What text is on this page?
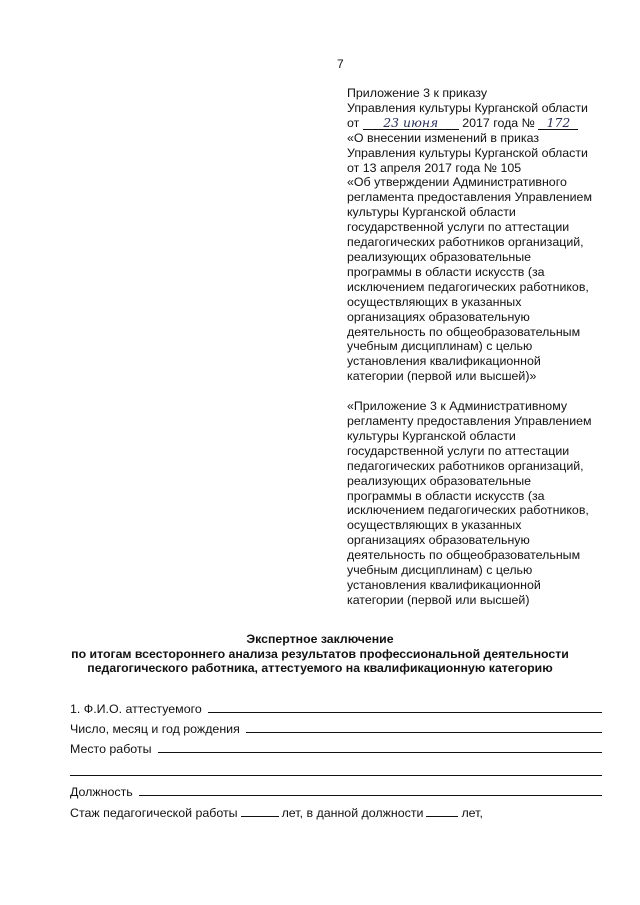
7
Приложение 3 к приказу
Управления культуры Курганской области
от 23 июня 2017 года № 172
«О внесении изменений в приказ
Управления культуры Курганской области
от 13 апреля 2017 года № 105
«Об утверждении Административного
регламента предоставления Управлением
культуры Курганской области
государственной услуги по аттестации
педагогических работников организаций,
реализующих образовательные
программы в области искусств (за
исключением педагогических работников,
осуществляющих в указанных
организациях образовательную
деятельность по общеобразовательным
учебным дисциплинам) с целью
установления квалификационной
категории (первой или высшей)»
«Приложение 3 к Административному
регламенту предоставления Управлением
культуры Курганской области
государственной услуги по аттестации
педагогических работников организаций,
реализующих образовательные
программы в области искусств (за
исключением педагогических работников,
осуществляющих в указанных
организациях образовательную
деятельность по общеобразовательным
учебным дисциплинам) с целью
установления квалификационной
категории (первой или высшей)
Экспертное заключение
по итогам всестороннего анализа результатов профессиональной деятельности
педагогического работника, аттестуемого на квалификационную категорию
1. Ф.И.О. аттестуемого
Число, месяц и год рождения
Место работы
Должность
Стаж педагогической работы	лет, в данной должности	лет,
